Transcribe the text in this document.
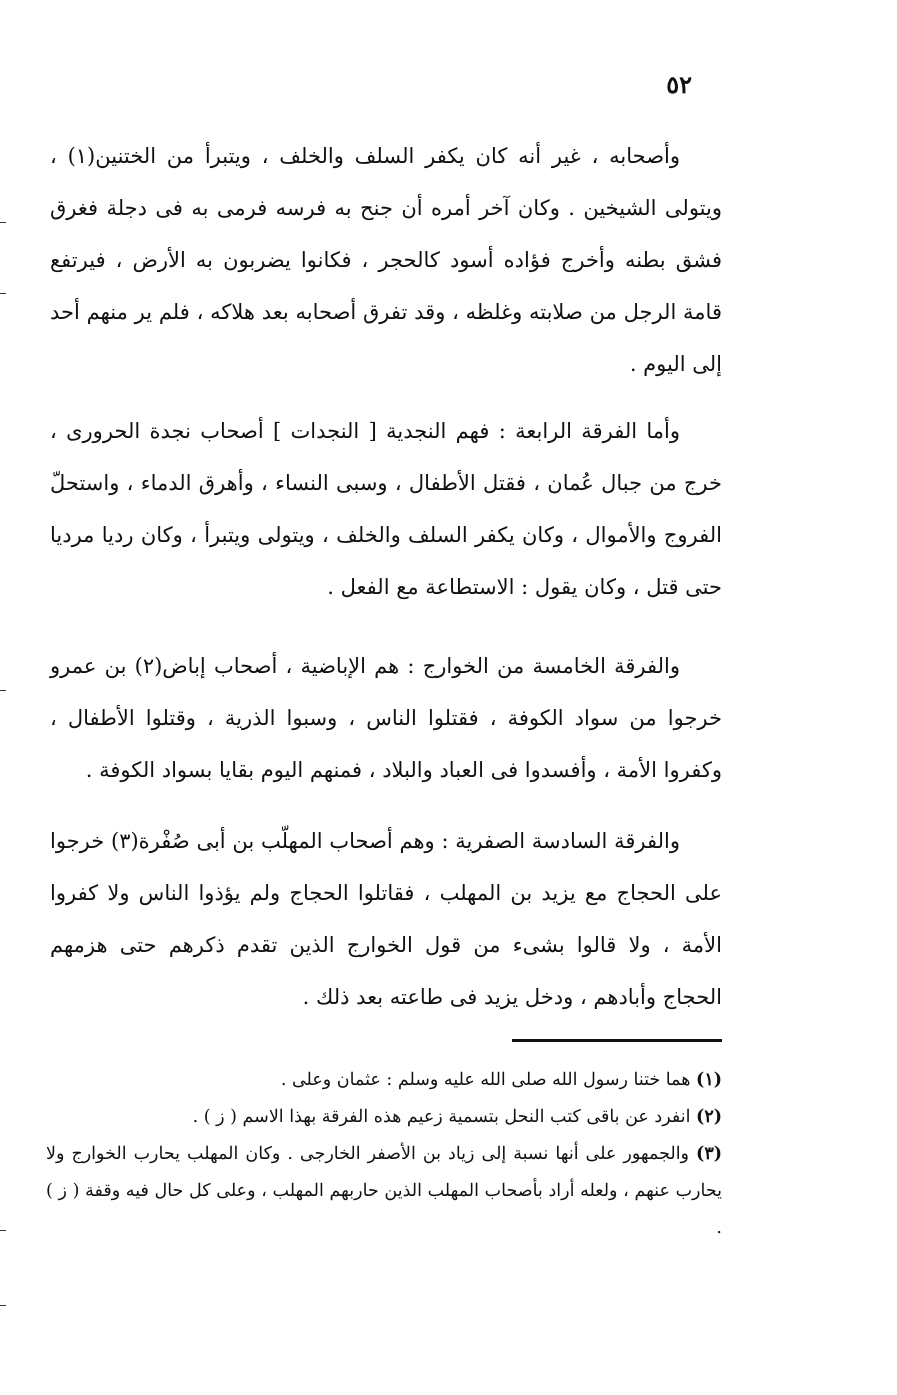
٥٢

وأصحابه ، غير أنه كان يكفر السلف والخلف ، ويتبرأ من الختنين(١) ، ويتولى الشيخين . وكان آخر أمره أن جنح به فرسه فرمى به فى دجلة فغرق فشق بطنه وأخرج فؤاده أسود كالحجر ، فكانوا يضربون به الأرض ، فيرتفع قامة الرجل من صلابته وغلظه ، وقد تفرق أصحابه بعد هلاكه ، فلم ير منهم أحد إلى اليوم .

وأما الفرقة الرابعة : فهم النجدية [ النجدات ] أصحاب نجدة الحرورى ، خرج من جبال عُمان ، فقتل الأطفال ، وسبى النساء ، وأهرق الدماء ، واستحلّ الفروج والأموال ، وكان يكفر السلف والخلف ، ويتولى ويتبرأ ، وكان رديا مرديا حتى قتل ، وكان يقول : الاستطاعة مع الفعل .

والفرقة الخامسة من الخوارج : هم الإباضية ، أصحاب إباض(٢) بن عمرو خرجوا من سواد الكوفة ، فقتلوا الناس ، وسبوا الذرية ، وقتلوا الأطفال ، وكفروا الأمة ، وأفسدوا فى العباد والبلاد ، فمنهم اليوم بقايا بسواد الكوفة .

والفرقة السادسة الصفرية : وهم أصحاب المهلّب بن أبى صُفْرة(٣) خرجوا على الحجاج مع يزيد بن المهلب ، فقاتلوا الحجاج ولم يؤذوا الناس ولا كفروا الأمة ، ولا قالوا بشىء من قول الخوارج الذين تقدم ذكرهم حتى هزمهم الحجاج وأبادهم ، ودخل يزيد فى طاعته بعد ذلك .

(١) هما ختنا رسول الله صلى الله عليه وسلم : عثمان وعلى .

(٢) انفرد عن باقى كتب النحل بتسمية زعيم هذه الفرقة بهذا الاسم ( ز ) .

(٣) والجمهور على أنها نسبة إلى زياد بن الأصفر الخارجى . وكان المهلب يحارب الخوارج ولا يحارب عنهم ، ولعله أراد بأصحاب المهلب الذين حاربهم المهلب ، وعلى كل حال فيه وقفة ( ز ) .
